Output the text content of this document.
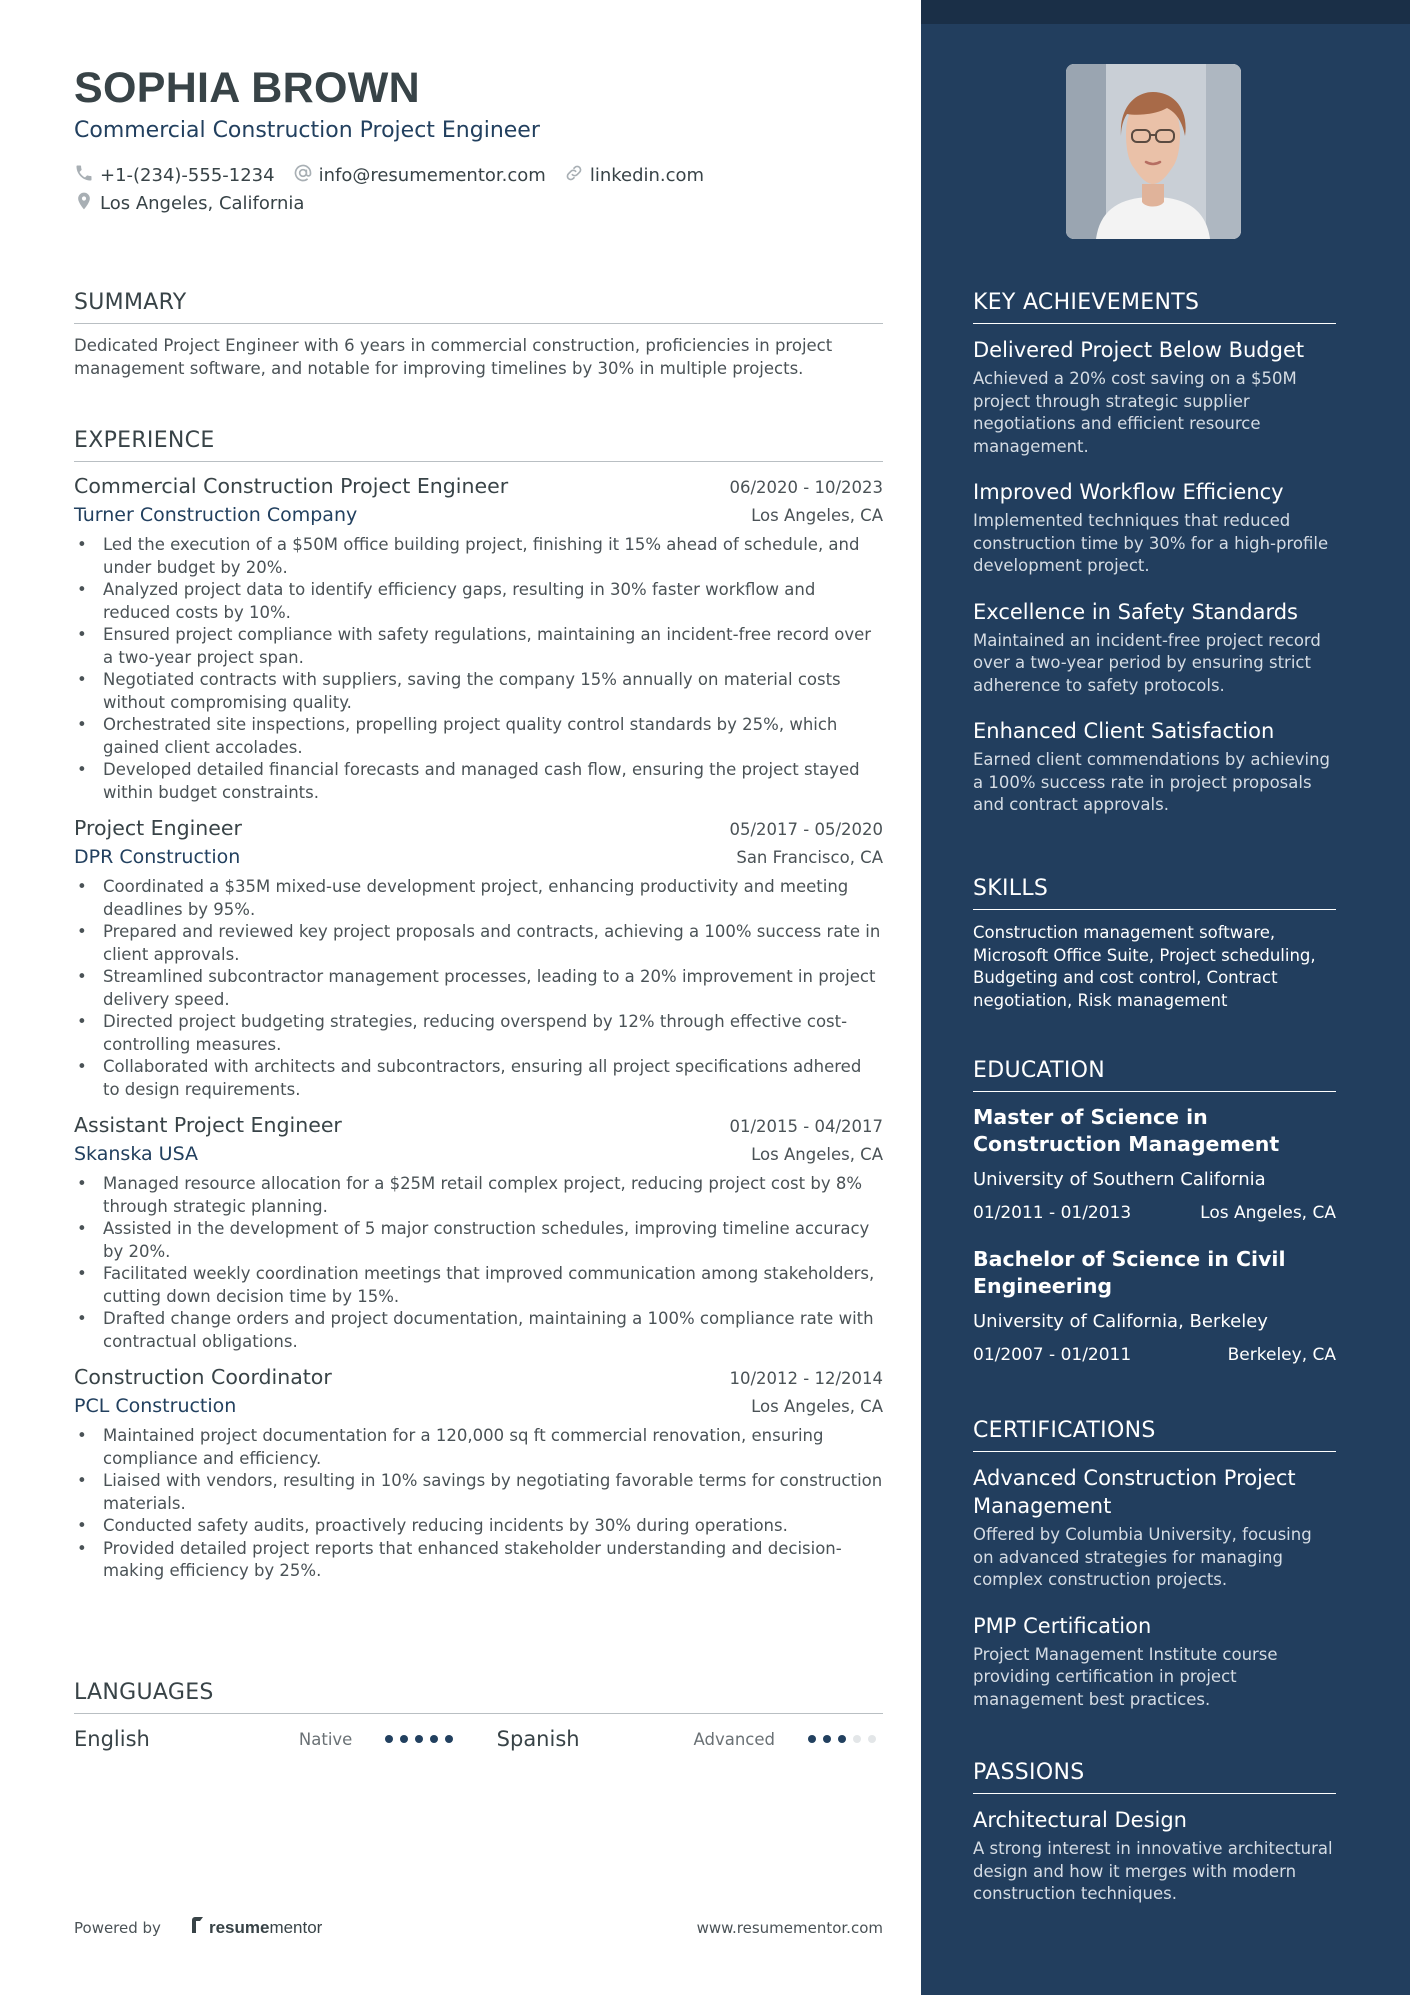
SOPHIA BROWN
Commercial Construction Project Engineer
+1-(234)-555-1234 info@resumementor.com linkedin.com
Los Angeles, California
SUMMARY
Dedicated Project Engineer with 6 years in commercial construction, proficiencies in project management software, and notable for improving timelines by 30% in multiple projects.
EXPERIENCE
Commercial Construction Project Engineer	06/2020 - 10/2023
Turner Construction Company	Los Angeles, CA
• Led the execution of a $50M office building project, finishing it 15% ahead of schedule, and under budget by 20%.
• Analyzed project data to identify efficiency gaps, resulting in 30% faster workflow and reduced costs by 10%.
• Ensured project compliance with safety regulations, maintaining an incident-free record over a two-year project span.
• Negotiated contracts with suppliers, saving the company 15% annually on material costs without compromising quality.
• Orchestrated site inspections, propelling project quality control standards by 25%, which gained client accolades.
• Developed detailed financial forecasts and managed cash flow, ensuring the project stayed within budget constraints.
Project Engineer	05/2017 - 05/2020
DPR Construction	San Francisco, CA
• Coordinated a $35M mixed-use development project, enhancing productivity and meeting deadlines by 95%.
• Prepared and reviewed key project proposals and contracts, achieving a 100% success rate in client approvals.
• Streamlined subcontractor management processes, leading to a 20% improvement in project delivery speed.
• Directed project budgeting strategies, reducing overspend by 12% through effective cost-controlling measures.
• Collaborated with architects and subcontractors, ensuring all project specifications adhered to design requirements.
Assistant Project Engineer	01/2015 - 04/2017
Skanska USA	Los Angeles, CA
• Managed resource allocation for a $25M retail complex project, reducing project cost by 8% through strategic planning.
• Assisted in the development of 5 major construction schedules, improving timeline accuracy by 20%.
• Facilitated weekly coordination meetings that improved communication among stakeholders, cutting down decision time by 15%.
• Drafted change orders and project documentation, maintaining a 100% compliance rate with contractual obligations.
Construction Coordinator	10/2012 - 12/2014
PCL Construction	Los Angeles, CA
• Maintained project documentation for a 120,000 sq ft commercial renovation, ensuring compliance and efficiency.
• Liaised with vendors, resulting in 10% savings by negotiating favorable terms for construction materials.
• Conducted safety audits, proactively reducing incidents by 30% during operations.
• Provided detailed project reports that enhanced stakeholder understanding and decision-making efficiency by 25%.
LANGUAGES
English	Native	Spanish	Advanced
Powered by	resume mentor	www.resumementor.com
KEY ACHIEVEMENTS
Delivered Project Below Budget
Achieved a 20% cost saving on a $50M project through strategic supplier negotiations and efficient resource management.
Improved Workflow Efficiency
Implemented techniques that reduced construction time by 30% for a high-profile development project.
Excellence in Safety Standards
Maintained an incident-free project record over a two-year period by ensuring strict adherence to safety protocols.
Enhanced Client Satisfaction
Earned client commendations by achieving a 100% success rate in project proposals and contract approvals.
SKILLS
Construction management software, Microsoft Office Suite, Project scheduling, Budgeting and cost control, Contract negotiation, Risk management
EDUCATION
Master of Science in Construction Management
University of Southern California
01/2011 - 01/2013	Los Angeles, CA
Bachelor of Science in Civil Engineering
University of California, Berkeley
01/2007 - 01/2011	Berkeley, CA
CERTIFICATIONS
Advanced Construction Project Management
Offered by Columbia University, focusing on advanced strategies for managing complex construction projects.
PMP Certification
Project Management Institute course providing certification in project management best practices.
PASSIONS
Architectural Design
A strong interest in innovative architectural design and how it merges with modern construction techniques.
